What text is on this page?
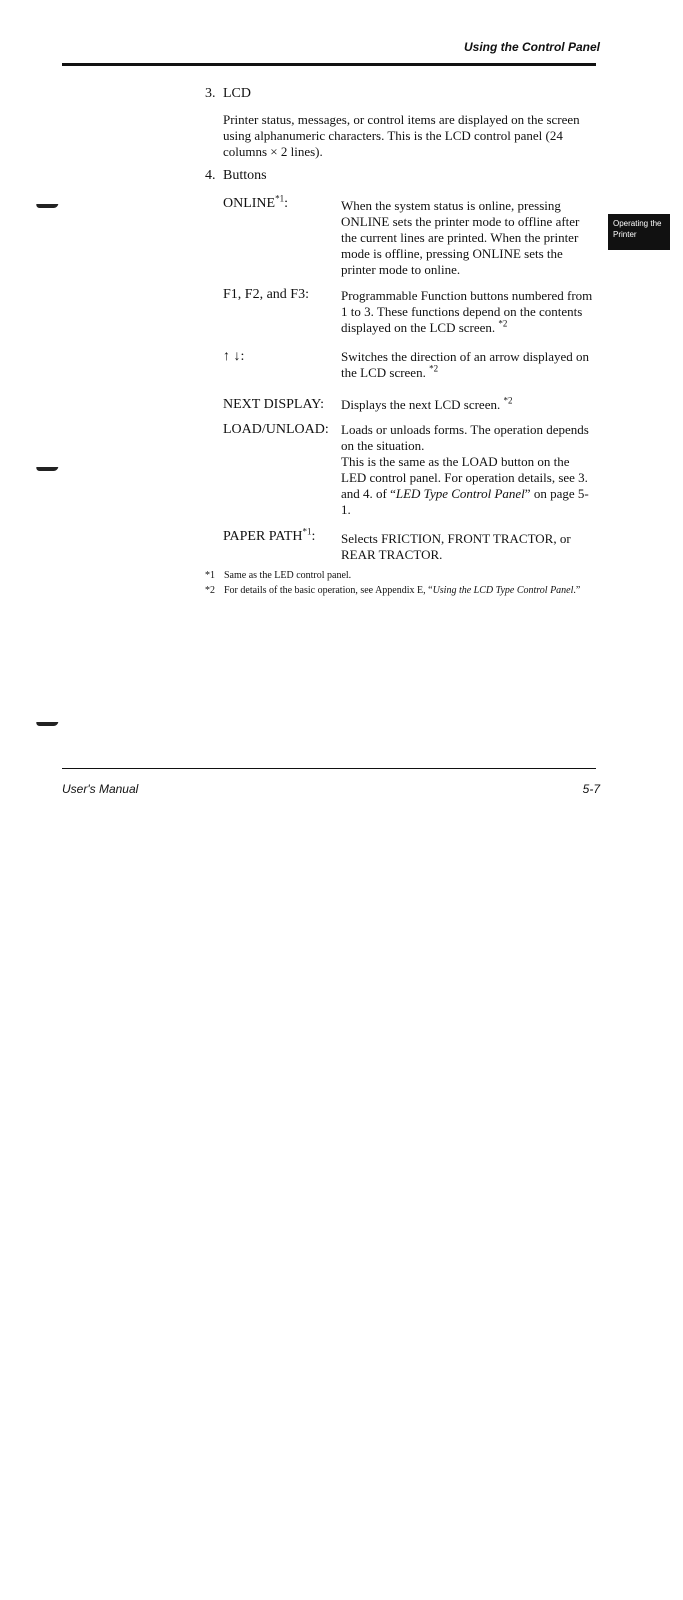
Using the Control Panel
Operating the
Printer
3. LCD
Printer status, messages, or control items are displayed on the screen using alphanumeric characters. This is the LCD control panel (24 columns × 2 lines).
4. Buttons
ONLINE$^{*1}$:	When the system status is online, pressing ONLINE sets the printer mode to offline after the current lines are printed. When the printer mode is offline, pressing ONLINE sets the printer mode to online.
F1, F2, and F3:	Programmable Function buttons numbered from 1 to 3. These functions depend on the contents displayed on the LCD screen. $^{*2}$
↑ ↓:	Switches the direction of an arrow displayed on the LCD screen. $^{*2}$
NEXT DISPLAY:	Displays the next LCD screen. $^{*2}$
LOAD/UNLOAD: Loads or unloads forms. The operation depends on the situation.
This is the same as the LOAD button on the LED control panel. For operation details, see 3. and 4. of “LED Type Control Panel” on page 5-1.
PAPER PATH$^{*1}$:	Selects FRICTION, FRONT TRACTOR, or REAR TRACTOR.
*1 Same as the LED control panel.
*2 For details of the basic operation, see Appendix E, “Using the LCD Type Control Panel.”
User's Manual	5-7
